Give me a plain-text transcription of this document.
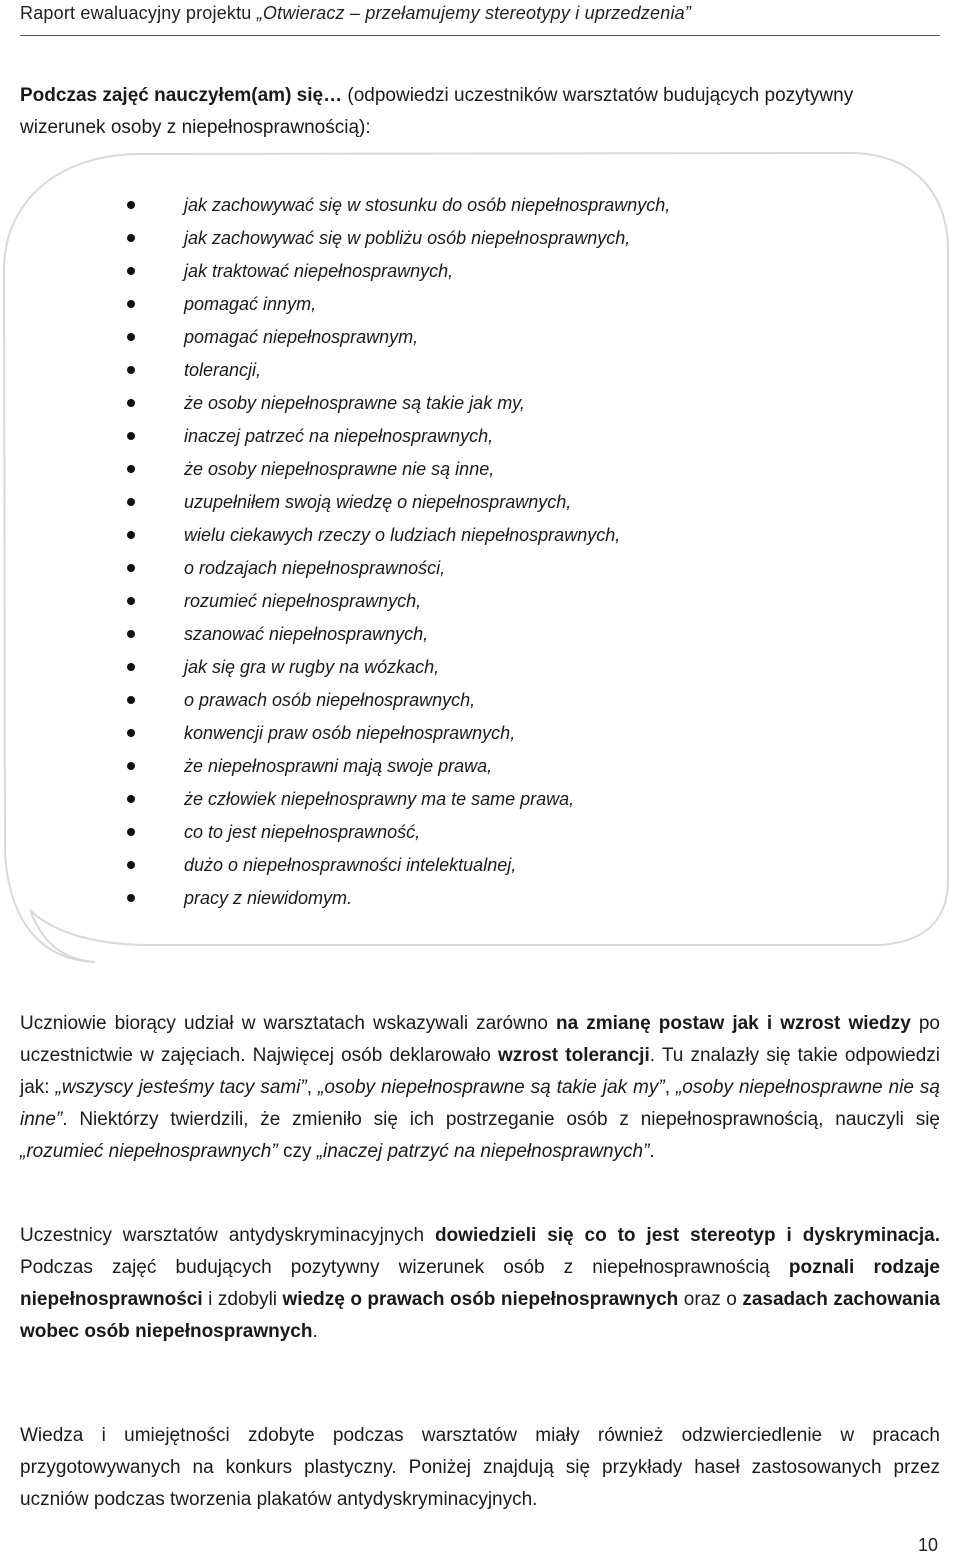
Raport ewaluacyjny projektu „Otwieracz – przełamujemy stereotypy i uprzedzenia”
Podczas zajęć nauczyłem(am) się… (odpowiedzi uczestników warsztatów budujących pozytywny wizerunek osoby z niepełnosprawnością):
jak zachowywać się w stosunku do osób niepełnosprawnych,
jak zachowywać się w pobliżu osób niepełnosprawnych,
jak traktować niepełnosprawnych,
pomagać innym,
pomagać niepełnosprawnym,
tolerancji,
że osoby niepełnosprawne są takie jak my,
inaczej patrzeć na niepełnosprawnych,
że osoby niepełnosprawne nie są inne,
uzupełniłem swoją wiedzę o niepełnosprawnych,
wielu ciekawych rzeczy o ludziach niepełnosprawnych,
o rodzajach niepełnosprawności,
rozumieć niepełnosprawnych,
szanować niepełnosprawnych,
jak się gra w rugby na wózkach,
o prawach osób niepełnosprawnych,
konwencji praw osób niepełnosprawnych,
że niepełnosprawni mają swoje prawa,
że człowiek niepełnosprawny ma te same prawa,
co to jest niepełnosprawność,
dużo o niepełnosprawności intelektualnej,
pracy z niewidomym.
Uczniowie biorący udział w warsztatach wskazywali zarówno na zmianę postaw jak i wzrost wiedzy po uczestnictwie w zajęciach. Najwięcej osób deklarowało wzrost tolerancji. Tu znalazły się takie odpowiedzi jak: „wszyscy jesteśmy tacy sami”, „osoby niepełnosprawne są takie jak my”, „osoby niepełnosprawne nie są inne”. Niektórzy twierdzili, że zmieniło się ich postrzeganie osób z niepełnosprawnością, nauczyli się „rozumieć niepełnosprawnych” czy „inaczej patrzyć na niepełnosprawnych”.
Uczestnicy warsztatów antydyskryminacyjnych dowiedzieli się co to jest stereotyp i dyskryminacja. Podczas zajęć budujących pozytywny wizerunek osób z niepełnosprawnością poznali rodzaje niepełnosprawności i zdobyli wiedzę o prawach osób niepełnosprawnych oraz o zasadach zachowania wobec osób niepełnosprawnych.
Wiedza i umiejętności zdobyte podczas warsztatów miały również odzwierciedlenie w pracach przygotowywanych na konkurs plastyczny. Poniżej znajdują się przykłady haseł zastosowanych przez uczniów podczas tworzenia plakatów antydyskryminacyjnych.
10
